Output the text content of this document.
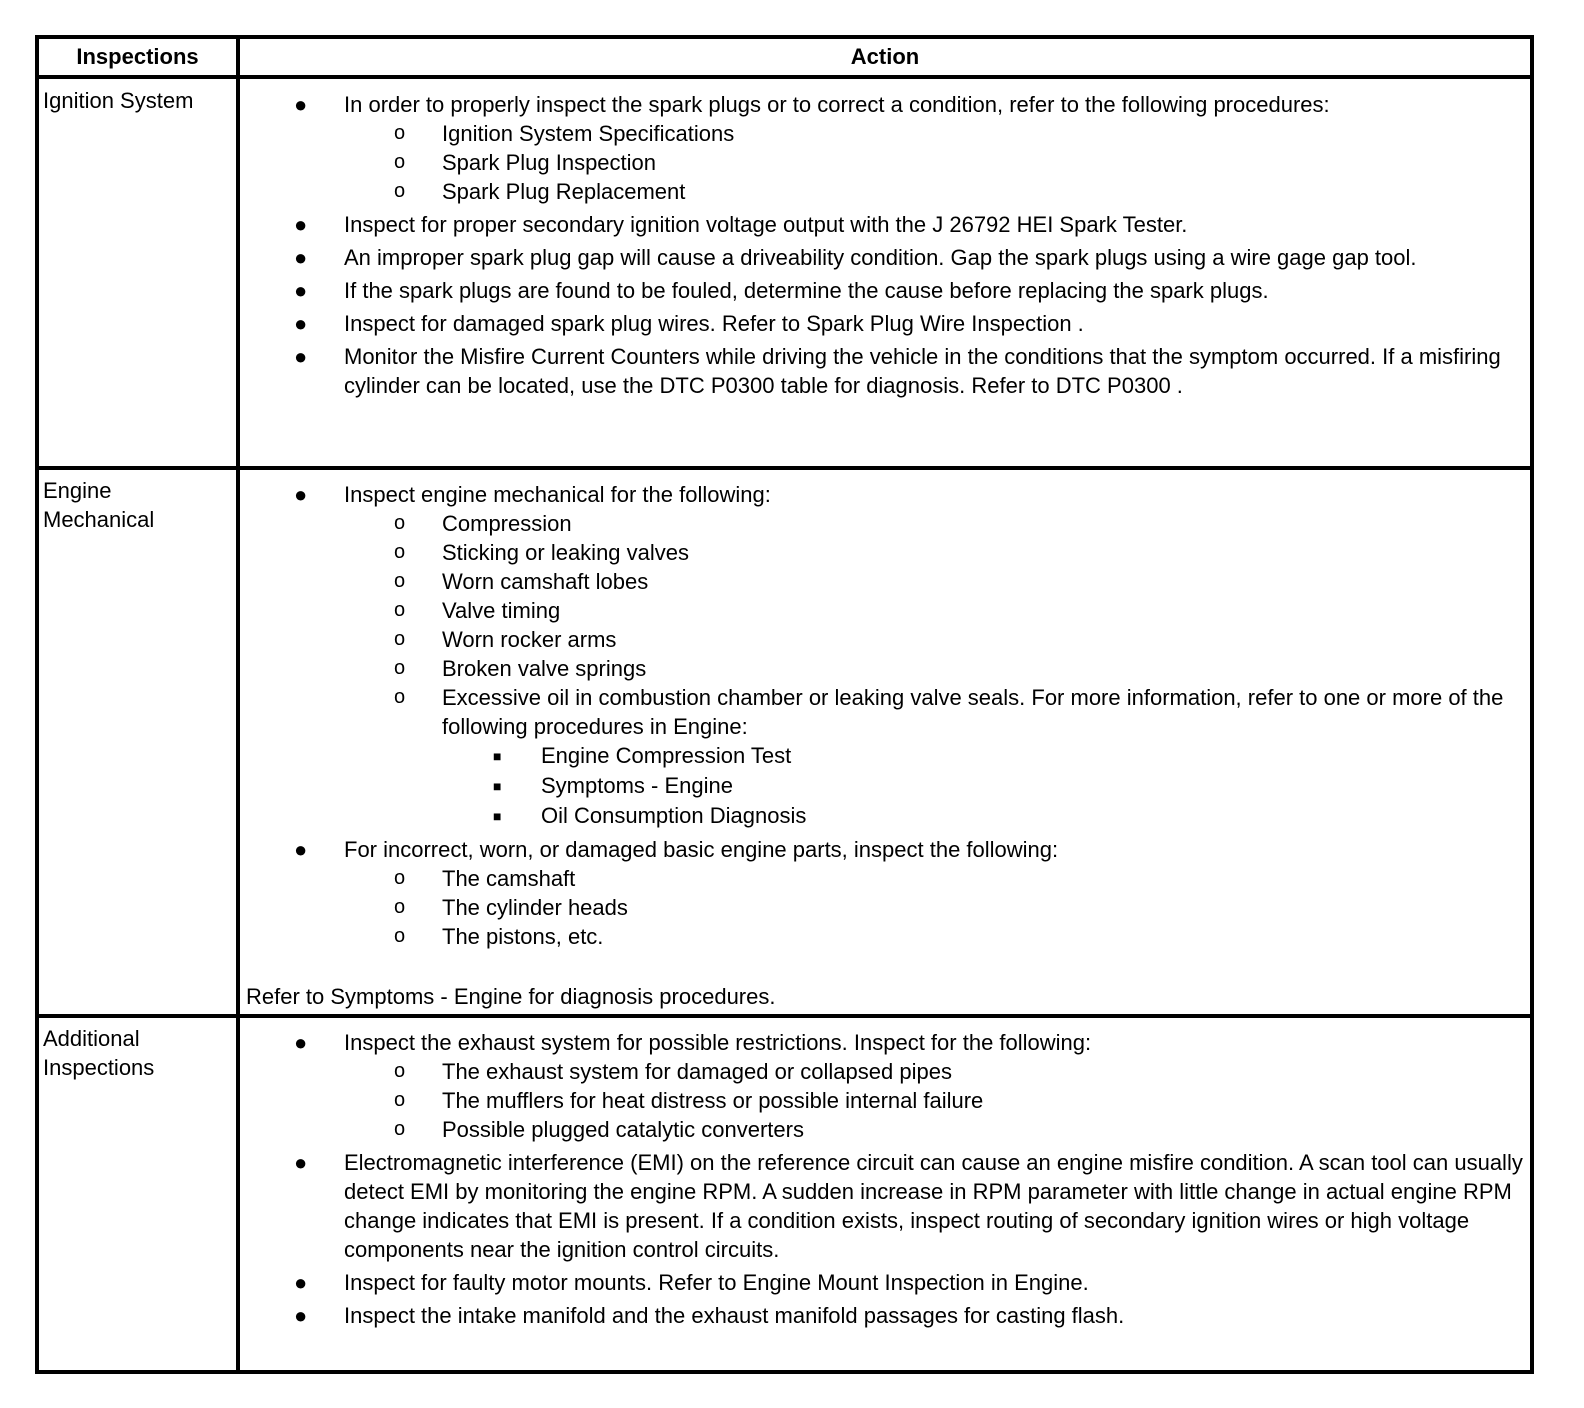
Inspections	Action
Ignition System	● In order to properly inspect the spark plugs or to correct a condition, refer to the following procedures:
o Ignition System Specifications
o Spark Plug Inspection
o Spark Plug Replacement
● Inspect for proper secondary ignition voltage output with the J 26792 HEI Spark Tester.
● An improper spark plug gap will cause a driveability condition. Gap the spark plugs using a wire gage gap tool.
● If the spark plugs are found to be fouled, determine the cause before replacing the spark plugs.
● Inspect for damaged spark plug wires. Refer to Spark Plug Wire Inspection .
● Monitor the Misfire Current Counters while driving the vehicle in the conditions that the symptom occurred. If a misfiring cylinder can be located, use the DTC P0300 table for diagnosis. Refer to DTC P0300 .
Engine Mechanical
● Inspect engine mechanical for the following:
o Compression
o Sticking or leaking valves
o Worn camshaft lobes
o Valve timing
o Worn rocker arms
o Broken valve springs
o Excessive oil in combustion chamber or leaking valve seals. For more information, refer to one or more of the following procedures in Engine:
■ Engine Compression Test
■ Symptoms - Engine
■ Oil Consumption Diagnosis
● For incorrect, worn, or damaged basic engine parts, inspect the following:
o The camshaft
o The cylinder heads
o The pistons, etc.
Refer to Symptoms - Engine for diagnosis procedures.
Additional Inspections
● Inspect the exhaust system for possible restrictions. Inspect for the following:
o The exhaust system for damaged or collapsed pipes
o The mufflers for heat distress or possible internal failure
o Possible plugged catalytic converters
● Electromagnetic interference (EMI) on the reference circuit can cause an engine misfire condition. A scan tool can usually detect EMI by monitoring the engine RPM. A sudden increase in RPM parameter with little change in actual engine RPM change indicates that EMI is present. If a condition exists, inspect routing of secondary ignition wires or high voltage components near the ignition control circuits.
● Inspect for faulty motor mounts. Refer to Engine Mount Inspection in Engine.
● Inspect the intake manifold and the exhaust manifold passages for casting flash.
